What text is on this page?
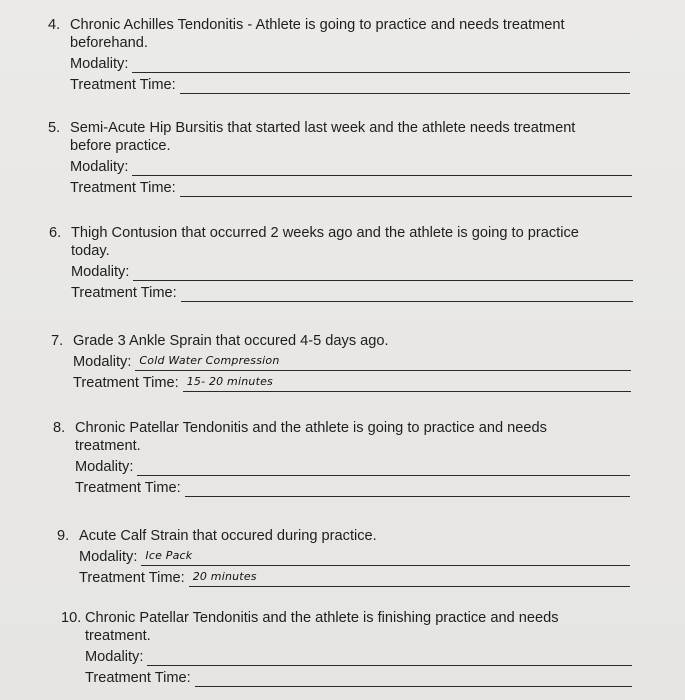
4. Chronic Achilles Tendonitis - Athlete is going to practice and needs treatment
beforehand.
Modality:
Treatment Time:
5. Semi-Acute Hip Bursitis that started last week and the athlete needs treatment
before practice.
Modality:
Treatment Time:
6. Thigh Contusion that occurred 2 weeks ago and the athlete is going to practice
today.
Modality:
Treatment Time:
7. Grade 3 Ankle Sprain that occured 4-5 days ago.
Modality: Cold Water Compression
Treatment Time: 15- 20 minutes
8. Chronic Patellar Tendonitis and the athlete is going to practice and needs
treatment.
Modality:
Treatment Time:
9. Acute Calf Strain that occured during practice.
Modality: Ice Pack
Treatment Time: 20 minutes
10. Chronic Patellar Tendonitis and the athlete is finishing practice and needs
treatment.
Modality:
Treatment Time:
